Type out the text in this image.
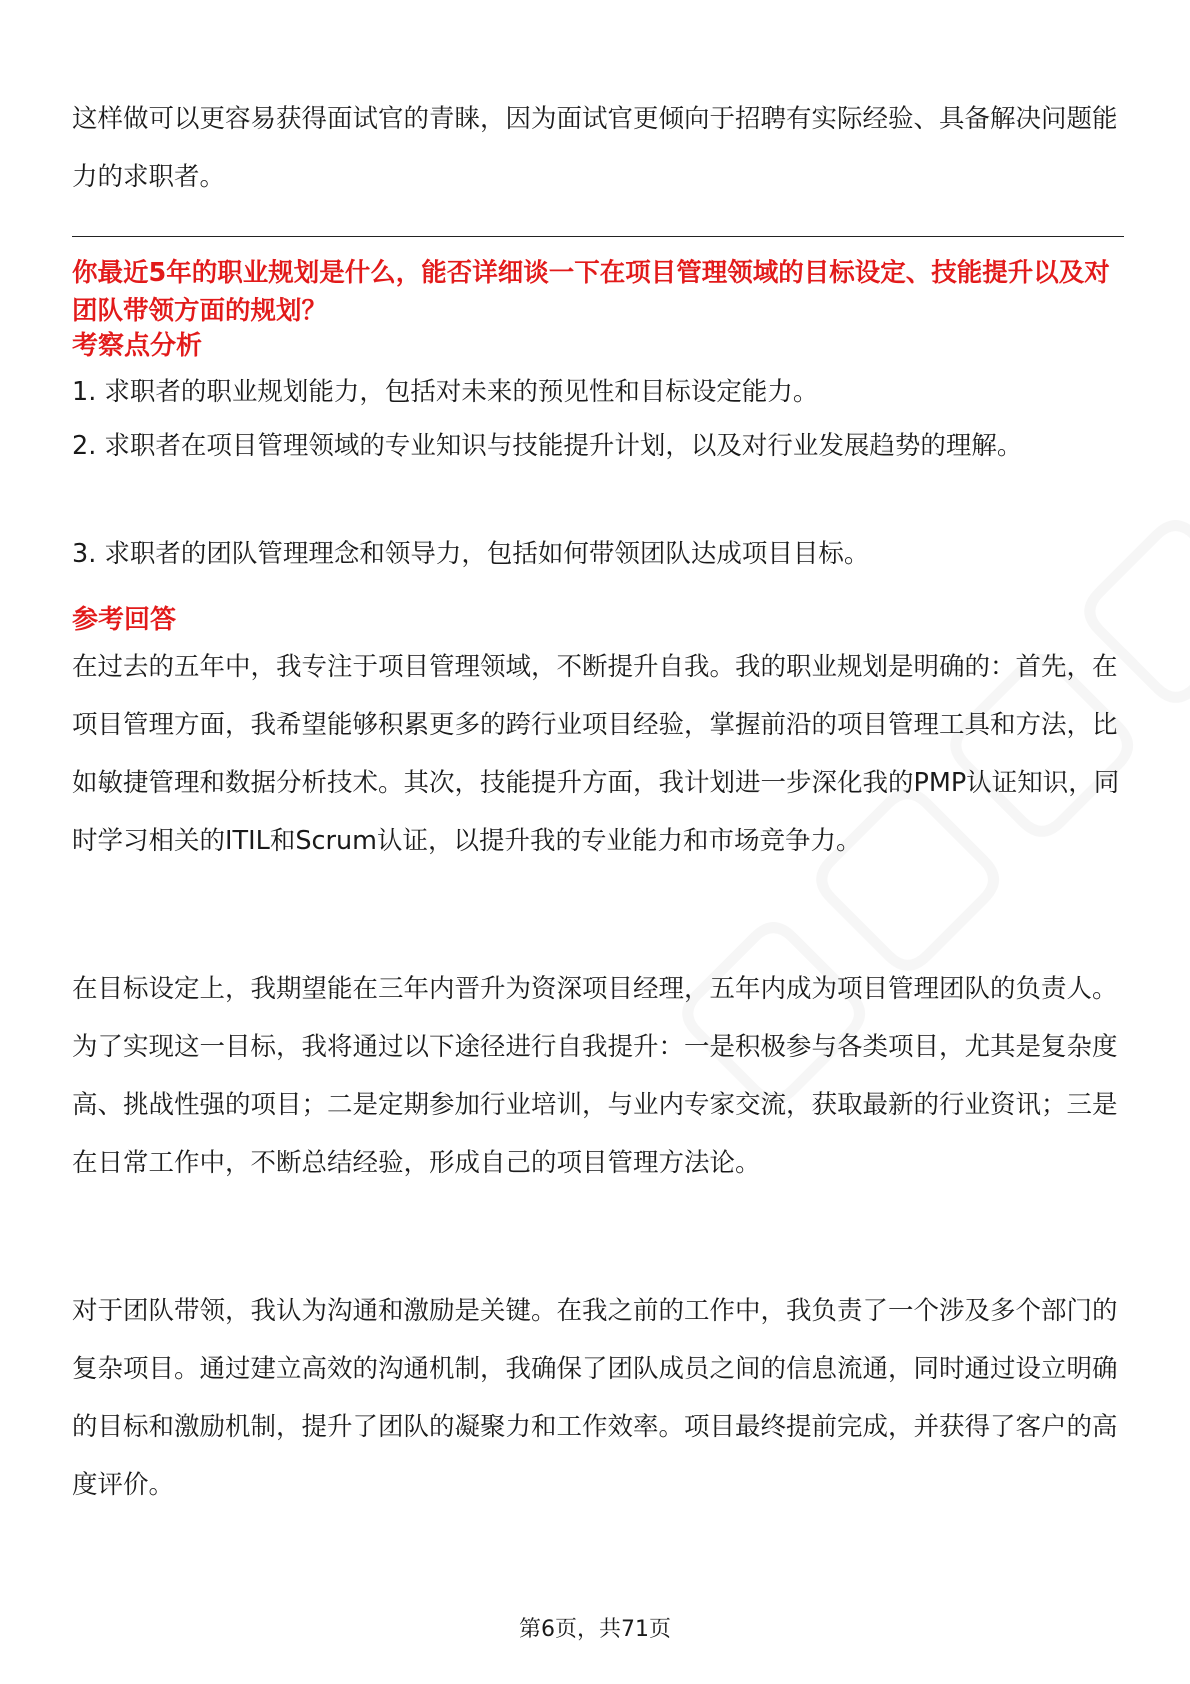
这样做可以更容易获得面试官的青睐，因为面试官更倾向于招聘有实际经验、具备解决问题能力的求职者。

你最近5年的职业规划是什么，能否详细谈一下在项目管理领域的目标设定、技能提升以及对团队带领方面的规划？

考察点分析

1. 求职者的职业规划能力，包括对未来的预见性和目标设定能力。

2. 求职者在项目管理领域的专业知识与技能提升计划，以及对行业发展趋势的理解。

3. 求职者的团队管理理念和领导力，包括如何带领团队达成项目目标。

参考回答

在过去的五年中，我专注于项目管理领域，不断提升自我。我的职业规划是明确的：首先，在项目管理方面，我希望能够积累更多的跨行业项目经验，掌握前沿的项目管理工具和方法，比如敏捷管理和数据分析技术。其次，技能提升方面，我计划进一步深化我的PMP认证知识，同时学习相关的ITIL和Scrum认证，以提升我的专业能力和市场竞争力。

在目标设定上，我期望能在三年内晋升为资深项目经理，五年内成为项目管理团队的负责人。为了实现这一目标，我将通过以下途径进行自我提升：一是积极参与各类项目，尤其是复杂度高、挑战性强的项目；二是定期参加行业培训，与业内专家交流，获取最新的行业资讯；三是在日常工作中，不断总结经验，形成自己的项目管理方法论。

对于团队带领，我认为沟通和激励是关键。在我之前的工作中，我负责了一个涉及多个部门的复杂项目。通过建立高效的沟通机制，我确保了团队成员之间的信息流通，同时通过设立明确的目标和激励机制，提升了团队的凝聚力和工作效率。项目最终提前完成，并获得了客户的高度评价。

第6页，共71页
